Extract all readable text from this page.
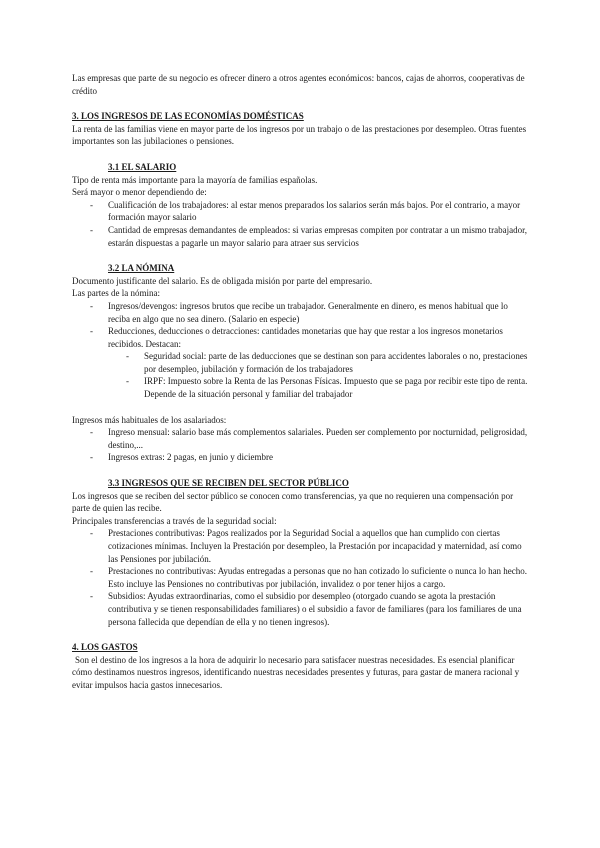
Las empresas que parte de su negocio es ofrecer dinero a otros agentes económicos: bancos, cajas de ahorros, cooperativas de crédito

3. LOS INGRESOS DE LAS ECONOMÍAS DOMÉSTICAS

La renta de las familias viene en mayor parte de los ingresos por un trabajo o de las prestaciones por desempleo. Otras fuentes importantes son las jubilaciones o pensiones.

3.1 EL SALARIO

Tipo de renta más importante para la mayoría de familias españolas.

Será mayor o menor dependiendo de:

- Cualificación de los trabajadores: al estar menos preparados los salarios serán más bajos. Por el contrario, a mayor formación mayor salario
- Cantidad de empresas demandantes de empleados: si varias empresas compiten por contratar a un mismo trabajador, estarán dispuestas a pagarle un mayor salario para atraer sus servicios

3.2 LA NÓMINA

Documento justificante del salario. Es de obligada misión por parte del empresario.

Las partes de la nómina:

- Ingresos/devengos: ingresos brutos que recibe un trabajador. Generalmente en dinero, es menos habitual que lo reciba en algo que no sea dinero. (Salario en especie)
- Reducciones, deducciones o detracciones: cantidades monetarias que hay que restar a los ingresos monetarios recibidos. Destacan:
- Seguridad social: parte de las deducciones que se destinan son para accidentes laborales o no, prestaciones por desempleo, jubilación y formación de los trabajadores
- IRPF: Impuesto sobre la Renta de las Personas Físicas. Impuesto que se paga por recibir este tipo de renta. Depende de la situación personal y familiar del trabajador

Ingresos más habituales de los asalariados:

- Ingreso mensual: salario base más complementos salariales. Pueden ser complemento por nocturnidad, peligrosidad, destino,...
- Ingresos extras: 2 pagas, en junio y diciembre

3.3 INGRESOS QUE SE RECIBEN DEL SECTOR PÚBLICO

Los ingresos que se reciben del sector público se conocen como transferencias, ya que no requieren una compensación por parte de quien las recibe.

Principales transferencias a través de la seguridad social:

- Prestaciones contributivas: Pagos realizados por la Seguridad Social a aquellos que han cumplido con ciertas cotizaciones mínimas. Incluyen la Prestación por desempleo, la Prestación por incapacidad y maternidad, así como las Pensiones por jubilación.
- Prestaciones no contributivas: Ayudas entregadas a personas que no han cotizado lo suficiente o nunca lo han hecho. Esto incluye las Pensiones no contributivas por jubilación, invalidez o por tener hijos a cargo.
- Subsidios: Ayudas extraordinarias, como el subsidio por desempleo (otorgado cuando se agota la prestación contributiva y se tienen responsabilidades familiares) o el subsidio a favor de familiares (para los familiares de una persona fallecida que dependían de ella y no tienen ingresos).

4. LOS GASTOS

Son el destino de los ingresos a la hora de adquirir lo necesario para satisfacer nuestras necesidades. Es esencial planificar cómo destinamos nuestros ingresos, identificando nuestras necesidades presentes y futuras, para gastar de manera racional y evitar impulsos hacia gastos innecesarios.
